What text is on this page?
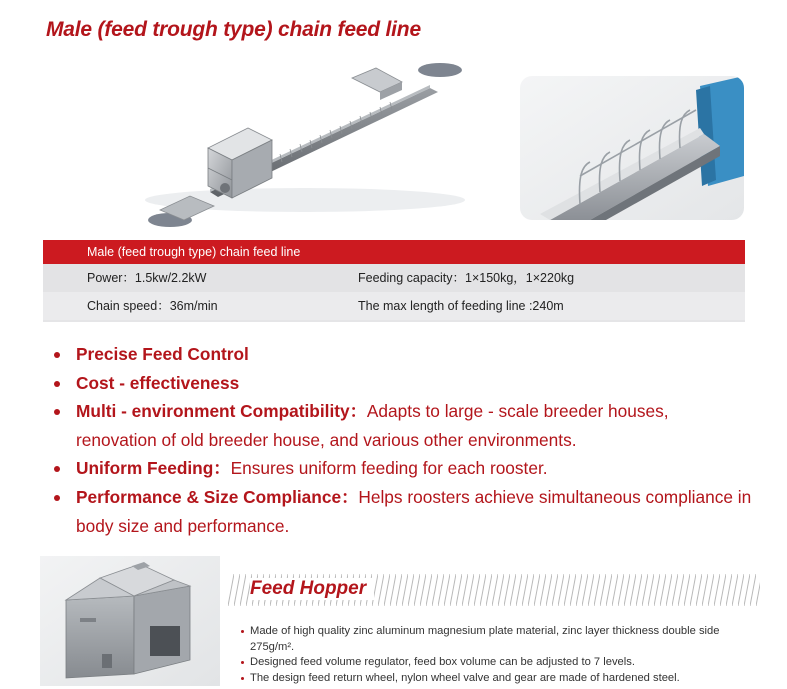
Male (feed trough type) chain feed line
Male (feed trough type) chain feed line
Power：1.5kw/2.2kW	Feeding capacity：1×150kg，1×220kg
Chain speed：36m/min	The max length of feeding line :240m
Precise Feed Control
Cost - effectiveness
Multi - environment Compatibility：Adapts to large - scale breeder houses, renovation of old breeder house, and various other environments.
Uniform Feeding：Ensures uniform feeding for each rooster.
Performance & Size Compliance：Helps roosters achieve simultaneous compliance in body size and performance.
Feed Hopper
Made of high quality zinc aluminum magnesium plate material, zinc layer thickness double side 275g/m².
Designed feed volume regulator, feed box volume can be adjusted to 7 levels.
The design feed return wheel, nylon wheel valve and gear are made of hardened steel.
